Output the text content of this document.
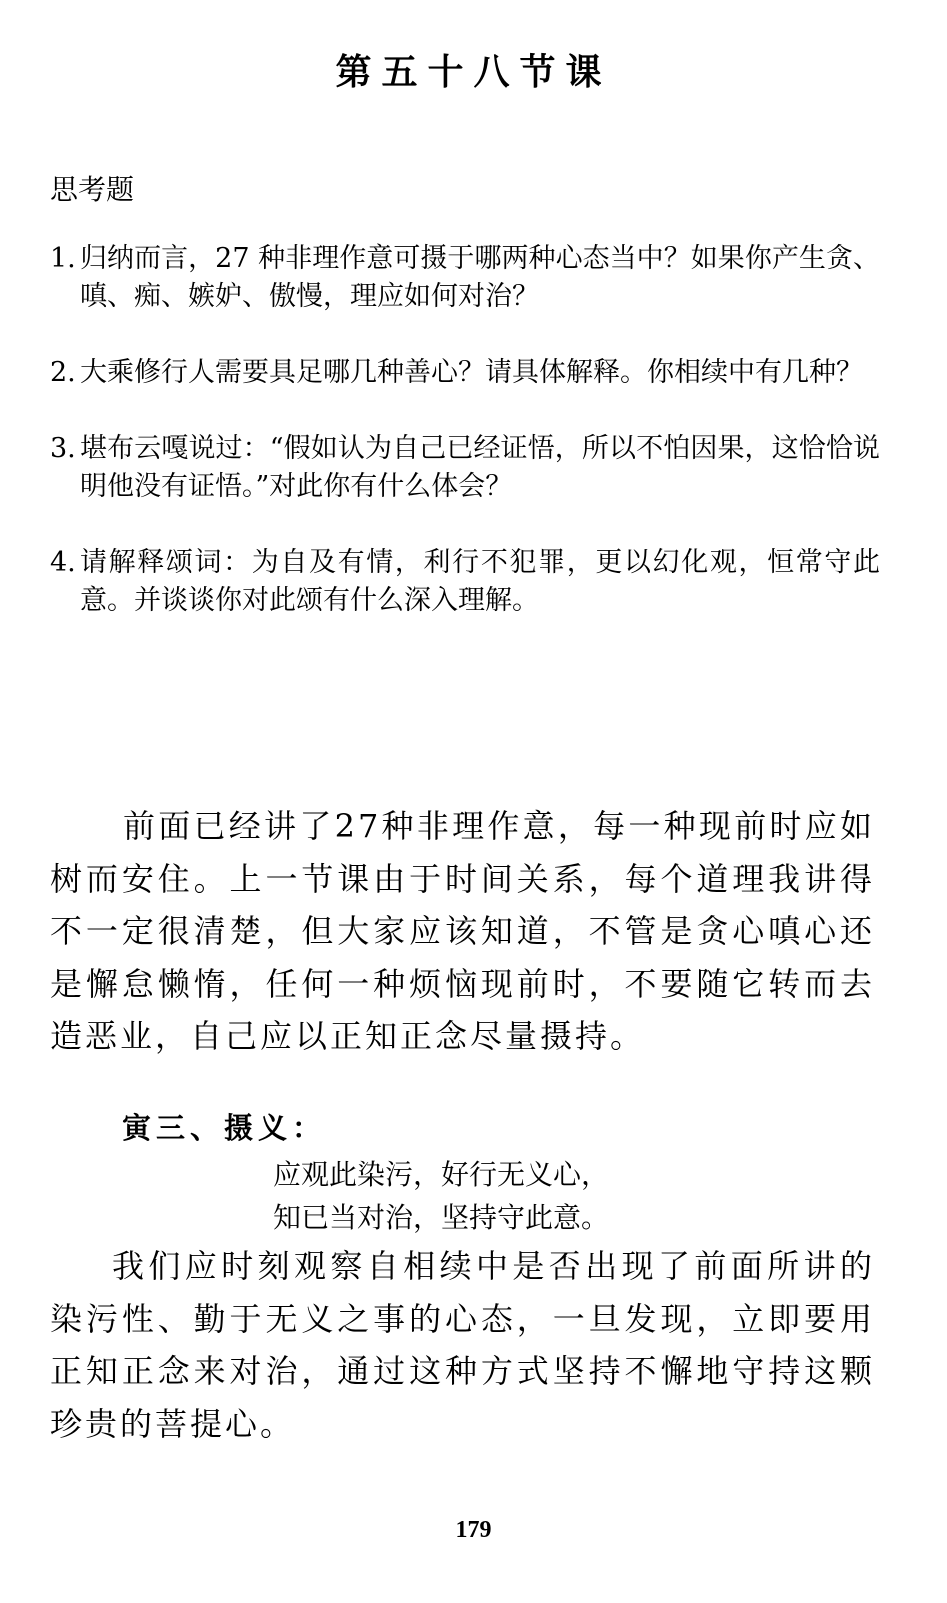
第五十八节课
思考题
1. 归纳而言，27 种非理作意可摄于哪两种心态当中？如果你产生贪、嗔、痴、嫉妒、傲慢，理应如何对治？
2. 大乘修行人需要具足哪几种善心？请具体解释。你相续中有几种？
3. 堪布云嘎说过：“假如认为自己已经证悟，所以不怕因果，这恰恰说明他没有证悟。”对此你有什么体会？
4. 请解释颂词：为自及有情，利行不犯罪，更以幻化观，恒常守此意。并谈谈你对此颂有什么深入理解。

前面已经讲了27种非理作意，每一种现前时应如树而安住。上一节课由于时间关系，每个道理我讲得不一定很清楚，但大家应该知道，不管是贪心嗔心还是懈怠懒惰，任何一种烦恼现前时，不要随它转而去造恶业，自己应以正知正念尽量摄持。

寅三、摄义：
应观此染污，好行无义心，
知已当对治，坚持守此意。

我们应时刻观察自相续中是否出现了前面所讲的染污性、勤于无义之事的心态，一旦发现，立即要用正知正念来对治，通过这种方式坚持不懈地守持这颗珍贵的菩提心。

179
